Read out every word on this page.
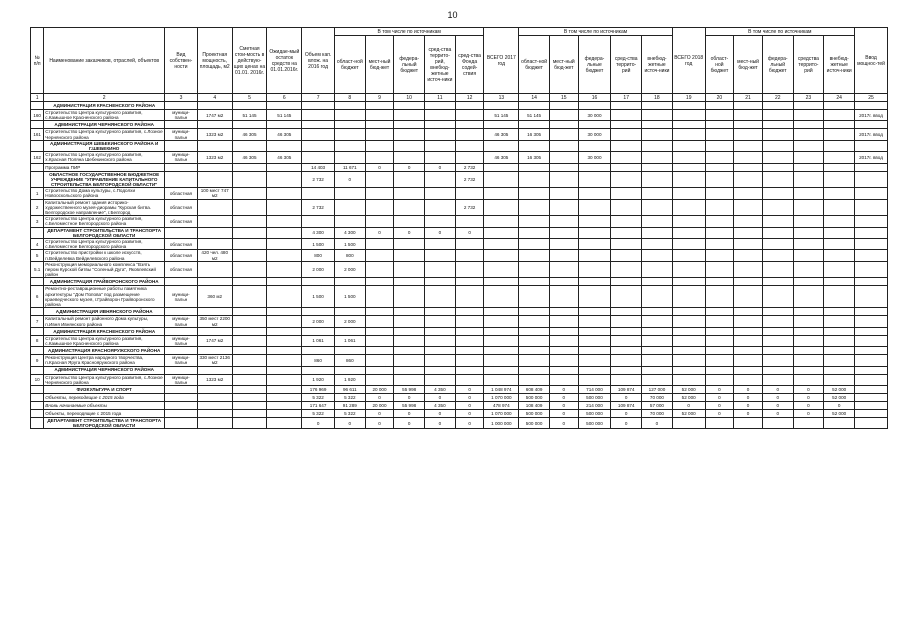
10
№ п/п	Наименование заказчиков, отраслей, объектов	Вид собствен-ности	Проектная мощность, площадь, м2	Сметная стои-мость в действую-щих ценах на 01.01. 2016г.	Ожидае-мый остаток средств на 01.01.2016г.	Объем кап. влож. на 2016 год	В том числе по источникам					ВСЕГО 2017 год	В том числе по источникам					ВСЕГО 2018 год	В том числе по источникам					Ввод мощнос-тей
							област-ной бюджет	мест-ный бюд-жет	федера-льный бюджет	сред-ства террито-рий, внебюд-жетные источ-ники	сред-ства Фонда содей-ствия		област-ной бюджет	мест-ный бюд-жет	федера-льные бюджет	сред-ства террито-рий	внебюд-жетные источ-ники		област-ной бюджет	мест-ный бюд-жет	федера-льный бюджет	средства террито-рий	внебюд-жетные источ-ники	
1	2	3	4	5	6	7	8	9	10	11	12	13	14	15	16	17	18	19	20	21	22	23	24	25
	АДМИНИСТРАЦИЯ КРАСНЕНСКОГО РАЙОНА																							
160	Строительство Центра культурного развития, с.Камышное Красненского района	муници-пальн	1747 м2	51 145	51 145							51 145	51 145		30 000									2017г. ввод
	АДМИНИСТРАЦИЯ ЧЕРНЯНСКОГО РАЙОНА																							
161	Строительство Центра культурного развития, с.Лозное Чернянского района	муници-пальн	1323 м2	46 305	46 305							46 305	16 305		30 000									2017г. ввод
	АДМИНИСТРАЦИЯ ШЕБЕКИНСКОГО РАЙОНА И Г.ШЕБЕКИНО																							
162	Строительство Центра культурного развития, х.Красная Поляна Шебекинского района	муници-пальн	1323 м2	46 305	46 305							46 305	16 305		30 000									2017г. ввод
	Программа ПИР					14 403	11 671	0	0	0	2 732													
	ОБЛАСТНОЕ ГОСУДАРСТВЕННОЕ БЮДЖЕТНОЕ УЧРЕЖДЕНИЕ "УПРАВЛЕНИЕ КАПИТАЛЬНОГО СТРОИТЕЛЬСТВА БЕЛГОРОДСКОЙ ОБЛАСТИ"					2 732	0				2 732													
1	Строительство Дома культуры, с.Подолхи Новооскольского района	областная	100 мест 747 м2																					
2	Капитальный ремонт здания историко-художественного музея-диорамы "Курская битва. Белгородское направление", г.Белгород	областная				2 732					2 732													
3	Строительство Центра культурного развития, с.Беломестное Белгородского района	областная																						
	ДЕПАРТАМЕНТ СТРОИТЕЛЬСТВА И ТРАНСПОРТА БЕЛГОРОДСКОЙ ОБЛАСТИ					4 300	4 300	0	0	0	0													
4	Строительство Центра культурного развития, с.Беломестное Белгородского района	областная				1 500	1 500																	
5	Строительство пристройки к школе искусств, п.Вейделевка Вейделевского района	областная	420 чел. 480 м2			800	800																	
5.1	Реконструкция мемориального комплекса "Взять пером Курской битвы "Соленый Дуга", Яковлевский район	областная				2 000	2 000																	
	АДМИНИСТРАЦИЯ ГРАЙВОРОНСКОГО РАЙОНА																							
6	Ремонтно-реставрационные работы памятника архитектуры "Дом Попова" под размещение краеведческого музея, г.Грайворон Грайворонского района	муници-пальн	360 м2			1 500	1 500																	
	АДМИНИСТРАЦИЯ ИВНЯНСКОГО РАЙОНА																							
7	Капитальный ремонт районного Дома культуры, п.Ивня Ивнянского района	муници-пальн	350 мест 2200 м2			2 000	2 000																	
	АДМИНИСТРАЦИЯ КРАСНЕНСКОГО РАЙОНА																							
8	Строительство Центра культурного развития, с.Камышное Красненского района	муници-пальн	1747 м2			1 061	1 061																	
	АДМИНИСТРАЦИЯ КРАСНОЯРУЖСКОГО РАЙОНА																							
9	Реконструкция Центра народного творчества, п.Красная Яруга Краснояружского района	муници-пальн	330 мест 2136 м2			860	860																	
	АДМИНИСТРАЦИЯ ЧЕРНЯНСКОГО РАЙОНА																							
10	Строительство Центра культурного развития, с.Лозное Чернянского района	муници-пальн	1323 м2			1 920	1 920																	
	ФИЗКУЛЬТУРА И СПОРТ					176 969	96 611	20 000	55 998	4 350	0	1 048 974	608 409	0	714 000	109 874	127 000	52 000	0	0	0	0	52 000	
	Объекты, переходящие с 2015 года					5 322	5 322	0	0	0	0	1 070 000	500 000	0	500 000	0	70 000	52 000	0	0	0	0	52 000	
	Вновь начинаемые объекты					171 647	91 289	20 000	55 998	4 350	0	478 974	108 409	0	214 000	109 874	57 000	0	0	0	0	0	0	
	Объекты, переходящие с 2015 года					5 322	5 322	0	0	0	0	1 070 000	500 000	0	500 000	0	70 000	52 000	0	0	0	0	52 000	
	ДЕПАРТАМЕНТ СТРОИТЕЛЬСТВА И ТРАНСПОРТА БЕЛГОРОДСКОЙ ОБЛАСТИ					0	0	0	0	0	0	1 000 000	500 000	0	500 000	0	0							
